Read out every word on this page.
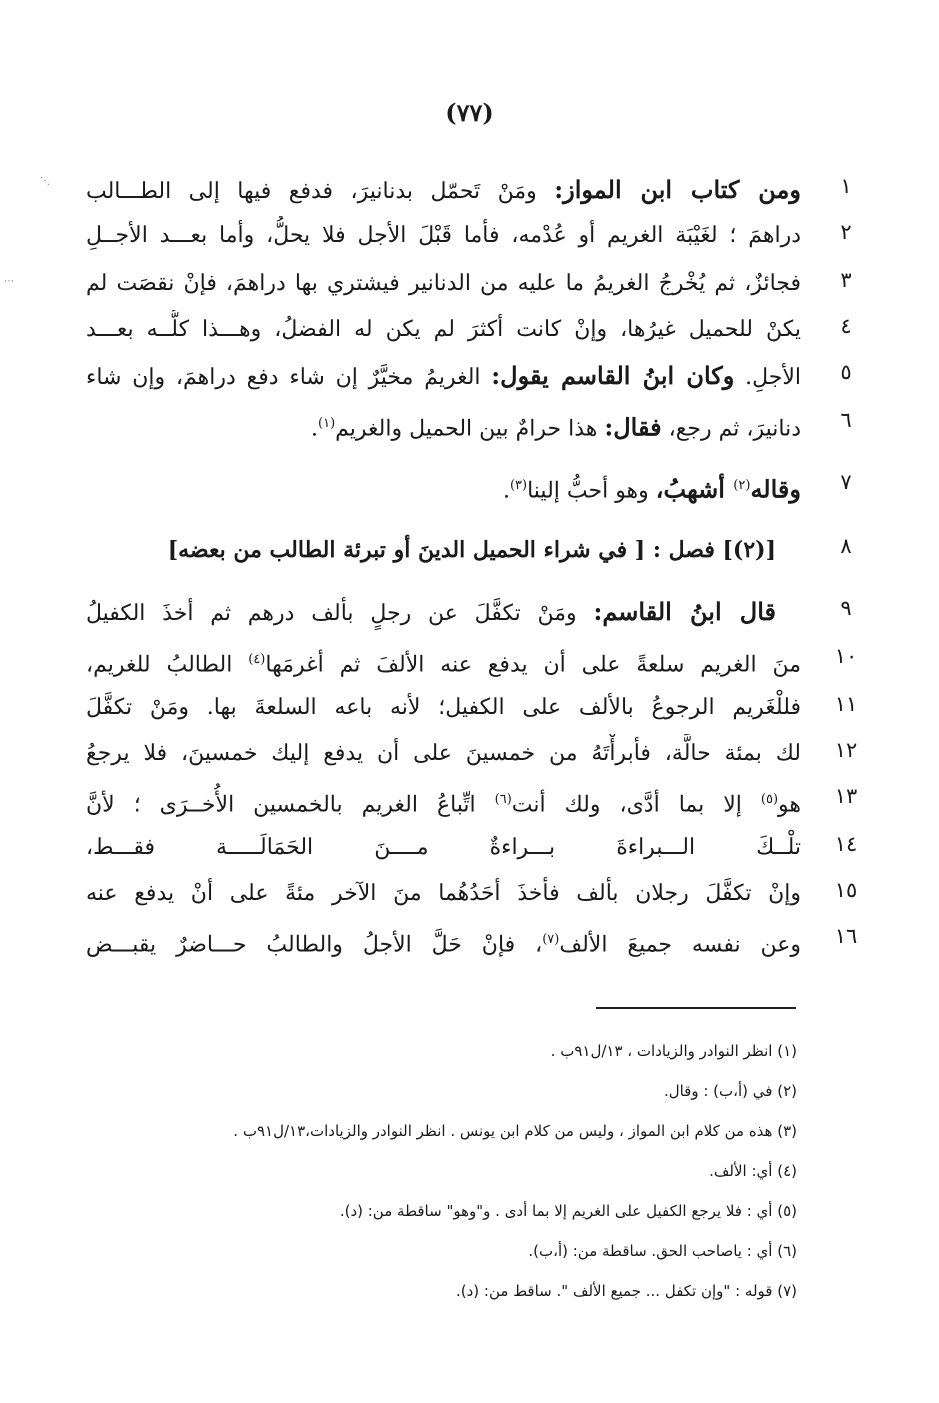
(٧٧)
١
ومن كتاب ابن المواز: ومَنْ تَحمّل بدنانيرَ، فدفع فيها إلى الطـــالب
٢
دراهمَ ؛ لغَيْبَة الغريم أو عُدْمه، فأما قَبْلَ الأجل فلا يحلُّ، وأما بعـــد الأجــلِ
٣
فجائزٌ، ثم يُخْرجُ الغريمُ ما عليه من الدنانير فيشتري بها دراهمَ، فإنْ نقصَت لم
٤
يكنْ للحميل غيرُها، وإنْ كانت أكثرَ لم يكن له الفضلُ، وهـــذا كلُّــه بعـــد
٥
الأجلِ. وكان ابنُ القاسم يقول: الغريمُ مخيَّرٌ إن شاء دفع دراهمَ، وإن شاء
٦
دنانيرَ، ثم رجع، فقال: هذا حرامٌ بين الحميل والغريم$^{(١)}$.
٧
وقاله$^{(٢)}$ أشهبُ، وهو أحبُّ إلينا$^{(٣)}$.
٨
[(٢)] فصل : [ في شراء الحميل الدينَ أو تبرئة الطالب من بعضه]
٩
قال ابنُ القاسم: ومَنْ تكفَّلَ عن رجلٍ بألف درهم ثم أخذَ الكفيلُ
١٠
منَ الغريم سلعةً على أن يدفع عنه الألفَ ثم أغرمَها$^{(٤)}$ الطالبُ للغريم،
١١
فللْغَريم الرجوعُ بالألف على الكفيل؛ لأنه باعه السلعةَ بها. ومَنْ تكفَّلَ
١٢
لك بمئة حالَّة، فأبرأْتَهُ من خمسينَ على أن يدفع إليك خمسينَ، فلا يرجعُ
١٣
هو$^{(٥)}$ إلا بما أدَّى، ولك أنت$^{(٦)}$ اتِّباعُ الغريم بالخمسين الأُخــرَى ؛ لأنَّ
١٤
تلْــكَ الـــبراءةَ بـــراءةٌ مــــنَ الحَمَالَـــــة فقـــط،
١٥
وإنْ تكفَّلَ رجلان بألف فأخذَ أحَدُهُما منَ الآخر مئةً على أنْ يدفع عنه
١٦
وعن نفسه جميعَ الألف$^{(٧)}$، فإنْ حَلَّ الأجلُ والطالبُ حـــاضرٌ يقبـــض
(١) انظر النوادر والزيادات ، ١٣/ل٩١ب .
(٢) في (أ،ب) : وقال.
(٣) هذه من كلام ابن المواز ، وليس من كلام ابن يونس . انظر النوادر والزيادات،١٣/ل٩١ب .
(٤) أي: الألف.
(٥) أي : فلا يرجع الكفيل على الغريم إلا بما أدى . و"وهو" ساقطة من: (د).
(٦) أي : ياصاحب الحق. ساقطة من: (أ،ب).
(٧) قوله : "وإن تكفل ... جميع الألف ". ساقط من: (د).
⋰
⋯
